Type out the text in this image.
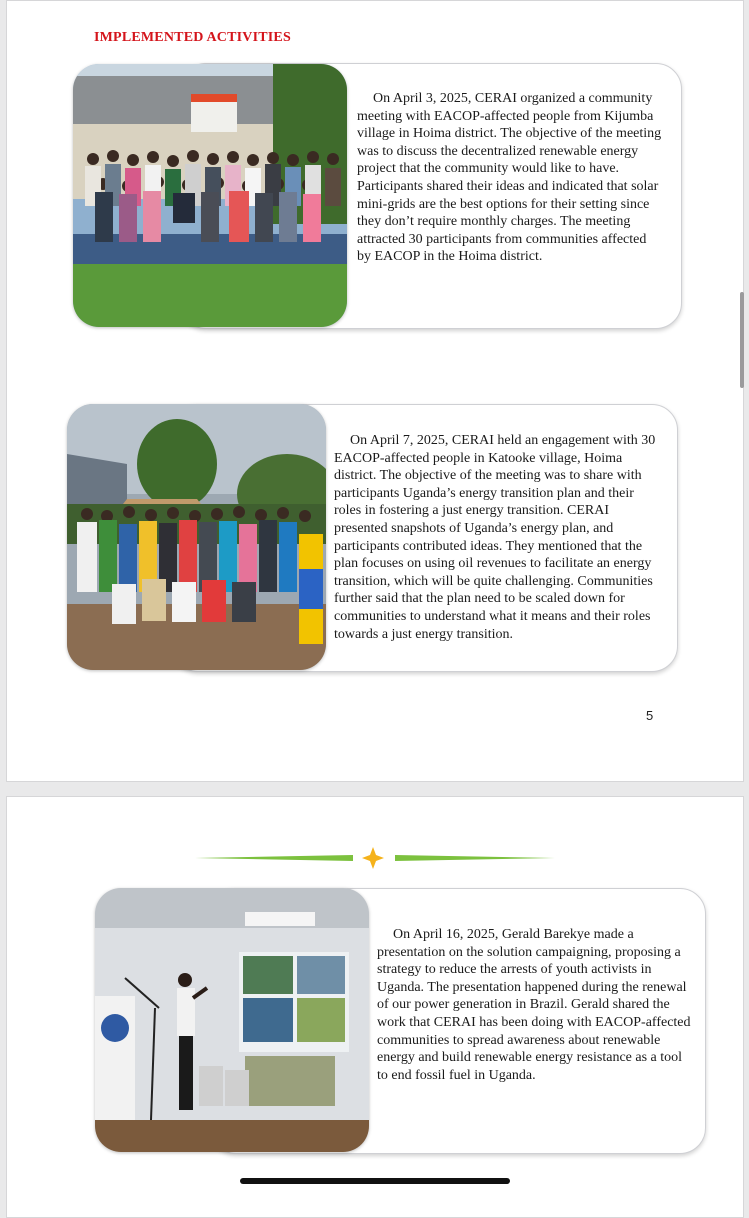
IMPLEMENTED ACTIVITIES

On April 3, 2025, CERAI organized a community meeting with EACOP-affected people from Kijumba village in Hoima district. The objective of the meeting was to discuss the decentralized renewable energy project that the community would like to have. Participants shared their ideas and indicated that solar mini-grids are the best options for their setting since they don’t require monthly charges. The meeting attracted 30 participants from communities affected by EACOP in the Hoima district.

On April 7, 2025, CERAI held an engagement with 30 EACOP-affected people in Katooke village, Hoima district. The objective of the meeting was to share with participants Uganda’s energy transition plan and their roles in fostering a just energy transition. CERAI presented snapshots of Uganda’s energy plan, and participants contributed ideas. They mentioned that the plan focuses on using oil revenues to facilitate an energy transition, which will be quite challenging. Communities further said that the plan need to be scaled down for communities to understand what it means and their roles towards a just energy transition.

5

On April 16, 2025, Gerald Barekye made a presentation on the solution campaigning, proposing a strategy to reduce the arrests of youth activists in Uganda. The presentation happened during the renewal of our power generation in Brazil. Gerald shared the work that CERAI has been doing with EACOP-affected communities to spread awareness about renewable energy and build renewable energy resistance as a tool to end fossil fuel in Uganda.
